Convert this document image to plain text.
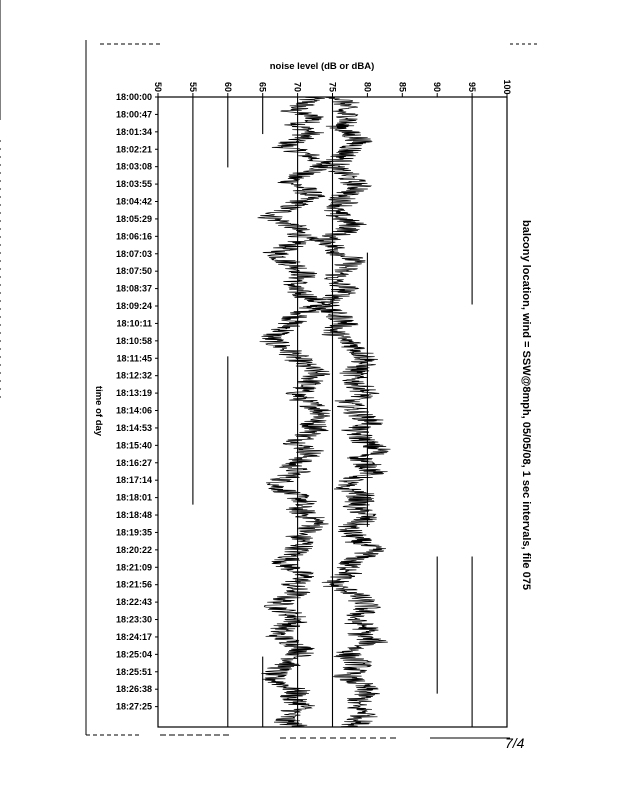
50	55	60	65	70	75	80	85	90	95	100
18:00:00
18:00:47
18:01:34
18:02:21
18:03:08
18:03:55
18:04:42
18:05:29
18:06:16
18:07:03
18:07:50
18:08:37
18:09:24
18:10:11
18:10:58
18:11:45
18:12:32
18:13:19
18:14:06
18:14:53
18:15:40
18:16:27
18:17:14
18:18:01
18:18:48
18:19:35
18:20:22
18:21:09
18:21:56
18:22:43
18:23:30
18:24:17
18:25:04
18:25:51
18:26:38
18:27:25
noise level (dB or dBA)
time of day	balcony location, wind = SSW@8mph, 05/05/08, 1 sec intervals, file 075
7/4
